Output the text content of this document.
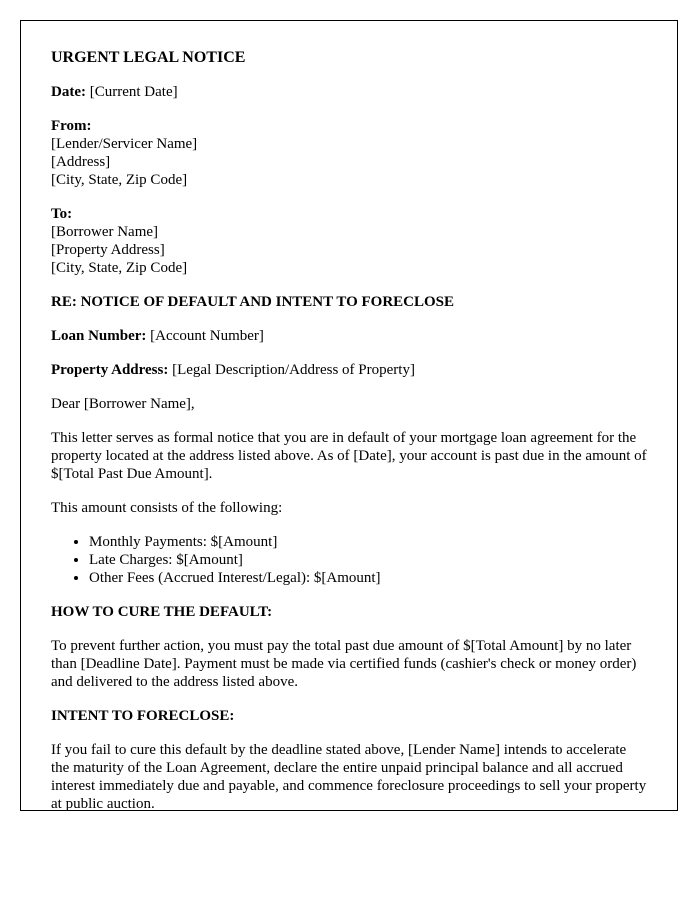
URGENT LEGAL NOTICE

Date: [Current Date]

From:
[Lender/Servicer Name]
[Address]
[City, State, Zip Code]
To:
[Borrower Name]
[Property Address]
[City, State, Zip Code]

RE: NOTICE OF DEFAULT AND INTENT TO FORECLOSE

Loan Number: [Account Number]

Property Address: [Legal Description/Address of Property]

Dear [Borrower Name],

This letter serves as formal notice that you are in default of your mortgage loan agreement for the property located at the address listed above. As of [Date], your account is past due in the amount of $[Total Past Due Amount].

This amount consists of the following:

• Monthly Payments: $[Amount]
• Late Charges: $[Amount]
• Other Fees (Accrued Interest/Legal): $[Amount]

HOW TO CURE THE DEFAULT:

To prevent further action, you must pay the total past due amount of $[Total Amount] by no later than [Deadline Date]. Payment must be made via certified funds (cashier's check or money order) and delivered to the address listed above.

INTENT TO FORECLOSE:

If you fail to cure this default by the deadline stated above, [Lender Name] intends to accelerate the maturity of the Loan Agreement, declare the entire unpaid principal balance and all accrued interest immediately due and payable, and commence foreclosure proceedings to sell your property at public auction.
